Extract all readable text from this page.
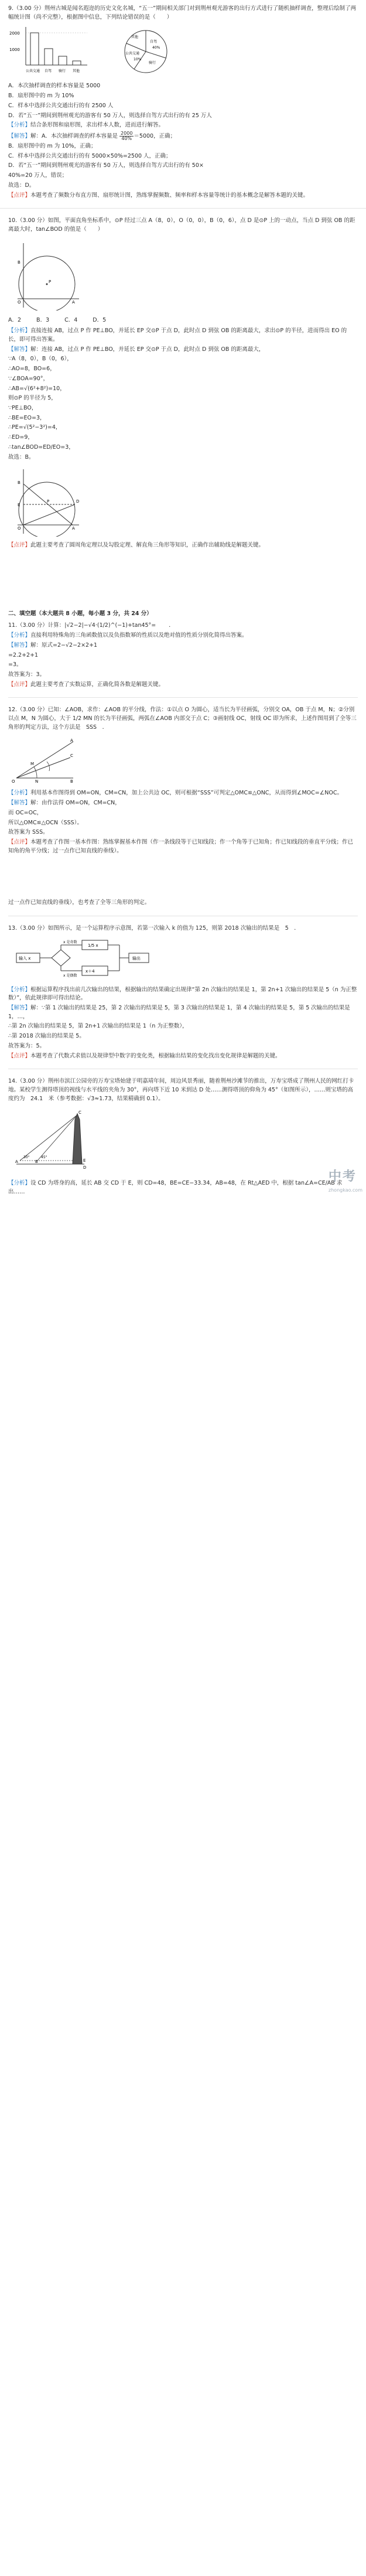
9.（3.00 分）荆州古城是闻名遐迩的历史文化名城，“五一”期间相关部门对到荆州观光游客的出行方式进行了随机抽样调查，整理后绘制了两幅统计图（尚不完整），根据图中信息，下列结论错误的是（　　）

2000
1000
公共交通 自驾 骑行 其他
公共交通
自驾
骑行
其他
40%
10%

A．本次抽样调查的样本容量是 5000

B．扇形图中的 m 为 10%

C．样本中选择公共交通出行的有 2500 人

D．若“五一”期间到荆州观光的游客有 50 万人，则选择自驾方式出行的有 25 万人

【分析】结合条形图和扇形图，求出样本人数，进而进行解答。

【解答】解：A．本次抽样调查的样本容量是 $\frac{2000}{40\%} =5000$，正确；

B．扇形图中的 m 为 10%，正确；

C．样本中选择公共交通出行的有 5000×50%=2500 人，正确；

D．若“五一”期间到荆州观光的游客有 50 万人，则选择自驾方式出行的有 50×

40%=20 万人，错误；

故选：D。

【点评】本题考查了频数分布直方图、扇形统计图，熟练掌握频数、频率和样本容量等统计的基本概念是解答本题的关键。

10.（3.00 分）如图，平面直角坐标系中，⊙P 经过三点 A（8，0），O（0，0），B（0，6），点 D 是⊙P 上的一动点，当点 D 到弦 OB 的距离最大时，tan∠BOD 的值是（　　）

P
O	A
B
A．2	B．3	C．4	D．5

【分析】直接连接 AB，过点 P 作 PE⊥BO，并延长 EP 交⊙P 于点 D，此时点 D 到弦 OB 的距离最大，求出⊙P 的半径，进而得出 EO 的长，即可得出答案。

【解答】解：连接 AB，过点 P 作 PE⊥BO，并延长 EP 交⊙P 于点 D，此时点 D 到弦 OB 的距离最大，

∵A（8，0），B（0，6），

∴AO=8，BO=6，

∵∠BOA=90°，

∴AB=√(6²+8²)=10，

则⊙P 的半径为 5，

∵PE⊥BO，

∴BE=EO=3，

∴PE=√(5²−3²)=4，

∴ED=9，

∴tan∠BOD=ED/EO=3，

故选：B。

O	A
B
E
D
P

【点评】此题主要考查了圆周角定理以及勾股定理、解直角三角形等知识，正确作出辅助线是解题关键。

二、填空题（本大题共 8 小题，每小题 3 分，共 24 分）

11.（3.00 分）计算：|√2−2|−√4·(1/2)^(−1)+tan45°=　 　．

【分析】直接利用特殊角的三角函数值以及负指数幂的性质以及绝对值的性质分别化简得出答案。

【解答】解：原式=2−√2−2×2+1

=2.2+2+1

=3。

故答案为：3。

【点评】此题主要考查了实数运算，正确化简各数是解题关键。

12.（3.00 分）已知：∠AOB，求作：∠AOB 的平分线，作法：①以点 O 为圆心，适当长为半径画弧，分别交 OA，OB 于点 M，N；②分别以点 M，N 为圆心，大于 1/2 MN 的长为半径画弧，两弧在∠AOB 内部交于点 C；③画射线 OC，射线 OC 即为所求，上述作图用到了全等三角形的判定方法，这个方法是　SSS　．

O
A
B
C
M
N

【分析】利用基本作图得到 OM=ON，CM=CN，加上公共边 OC，则可根据“SSS”可判定△OMC≌△ONC，从而得到∠MOC=∠NOC。

【解答】解：由作法得 OM=ON，CM=CN，

而 OC=OC，

所以△OMC≌△OCN（SSS）。

故答案为 SSS。

【点评】本题考查了作图一基本作图：熟练掌握基本作图（作一条线段等于已知线段；作一个角等于已知角；作已知线段的垂直平分线；作已知角的角平分线；过一点作已知直线的垂线）。

过一点作已知直线的垂线），也考查了全等三角形的判定。

13.（3.00 分）如图所示，是一个运算程序示意图，若第一次输入 k 的值为 125，则第 2018 次输出的结果是　5　．

输入 x
x 是奇数
x 是偶数
1/5 x
x＋4
输出

【分析】根据运算程序找出前几次输出的结果，根据输出的结果确定出规律“第 2n 次输出的结果是 1，第 2n+1 次输出的结果是 5（n 为正整数）”，依此规律即可得出结论。

【解答】解：∵第 1 次输出的结果是 25，第 2 次输出的结果是 5，第 3 次输出的结果是 1，第 4 次输出的结果是 5，第 5 次输出的结果是 1，…，

∴第 2n 次输出的结果是 5，第 2n+1 次输出的结果是 1（n 为正整数），

∴第 2018 次输出的结果是 5。

故答案为：5。

【点评】本题考查了代数式求值以及规律型中数字的变化类，根据输出结果的变化找出变化规律是解题的关键。

14.（3.00 分）荆州市滨江公园旁的万寿宝塔始建于明嘉靖年间，周边风景秀丽，随着荆州沙滩节的推出，万寿宝塔成了荆州人民的网红打卡地。某校学生测得塔顶的视线与水平线的夹角为 30°，再向塔下近 10 米到达 D 处……测得塔顶的仰角为 45°（如图所示），……则宝塔的高度约为　24.1　米（参考数据：√3≈1.73，结果精确到 0.1）。

A	B
C
D
E
30°	45°

【分析】设 CD 为塔身的高，延长 AB 交 CD 于 E，则 CD=48，BE=CE−33.34，AB=48，在 Rt△AED 中，根据 tan∠A=CE/AB 求出……

中考
zhongkao.com
